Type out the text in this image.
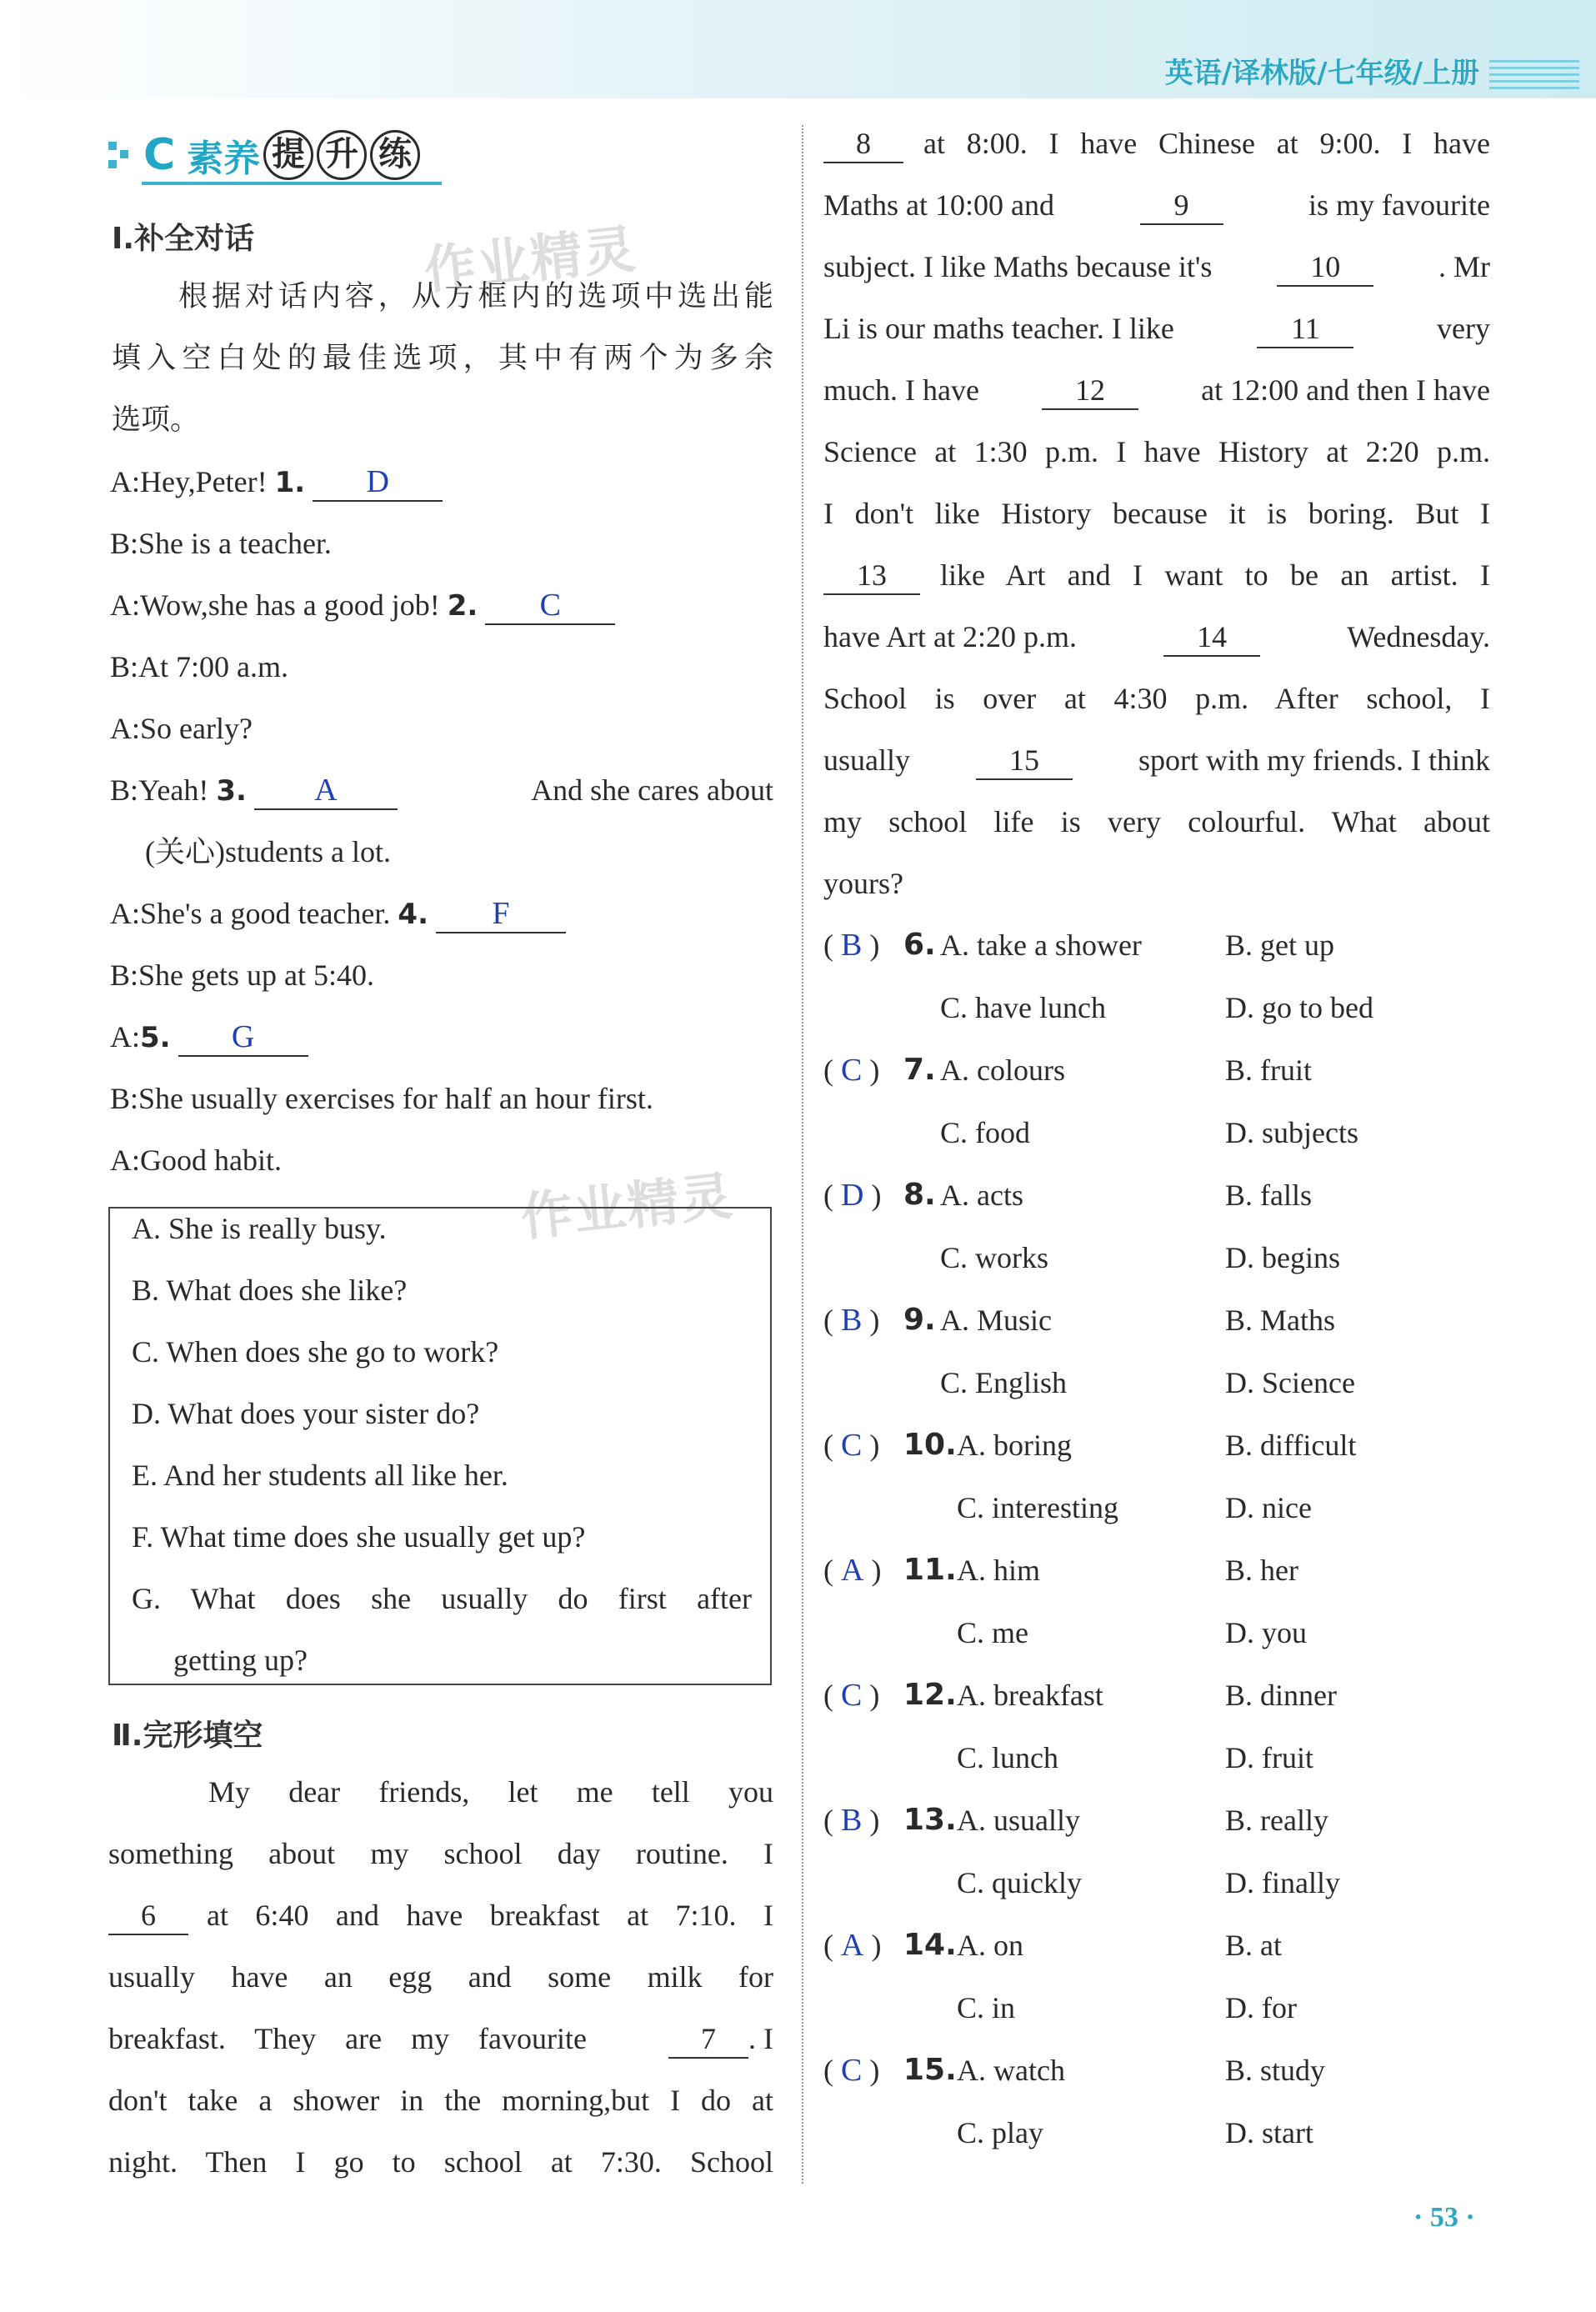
英语/译林版/七年级/上册
C 素养 提 升 练
作业精灵
作业精灵
Ⅰ.补全对话
根据对话内容，从方框内的选项中选出能
填入空白处的最佳选项，其中有两个为多余
选项。
A:Hey,Peter! 1. D
B:She is a teacher.
A:Wow,she has a good job! 2. C
B:At 7:00 a.m.
A:So early?
B:Yeah! 3. A	And she cares about
(关心)students a lot.
A:She's a good teacher. 4. F
B:She gets up at 5:40.
A:5. G
B:She usually exercises for half an hour first.
A:Good habit.
A. She is really busy.
B. What does she like?
C. When does she go to work?
D. What does your sister do?
E. And her students all like her.
F. What time does she usually get up?
G. What does she usually do first after
getting up?
Ⅱ.完形填空
My dear friends, let me tell you
something about my school day routine. I
6	at 6:40 and have breakfast at 7:10. I
usually have an egg and some milk for
breakfast. They are my favourite	7 . I
don't take a shower in the morning,but I do at
night. Then I go to school at 7:30. School
8	at 8:00. I have Chinese at 9:00. I have
Maths at 10:00 and	9	is my favourite
subject. I like Maths because it's	10	. Mr
Li is our maths teacher. I like	11	very
much. I have	12	at 12:00 and then I have
Science at 1:30 p.m. I have History at 2:20 p.m.
I don't like History because it is boring. But I
13	like Art and I want to be an artist. I
have Art at 2:20 p.m.	14	Wednesday.
School is over at 4:30 p.m. After school, I
usually	15	sport with my friends. I think
my school life is very colourful. What about
yours?
( B ) 6. A. take a shower	B. get up
C. have lunch	D. go to bed
( C ) 7. A. colours	B. fruit
C. food	D. subjects
( D ) 8. A. acts	B. falls
C. works	D. begins
( B ) 9. A. Music	B. Maths
C. English	D. Science
( C ) 10. A. boring	B. difficult
C. interesting	D. nice
( A ) 11. A. him	B. her
C. me	D. you
( C ) 12. A. breakfast	B. dinner
C. lunch	D. fruit
( B ) 13. A. usually	B. really
C. quickly	D. finally
( A ) 14. A. on	B. at
C. in	D. for
( C ) 15. A. watch	B. study
C. play	D. start
· 53 ·
